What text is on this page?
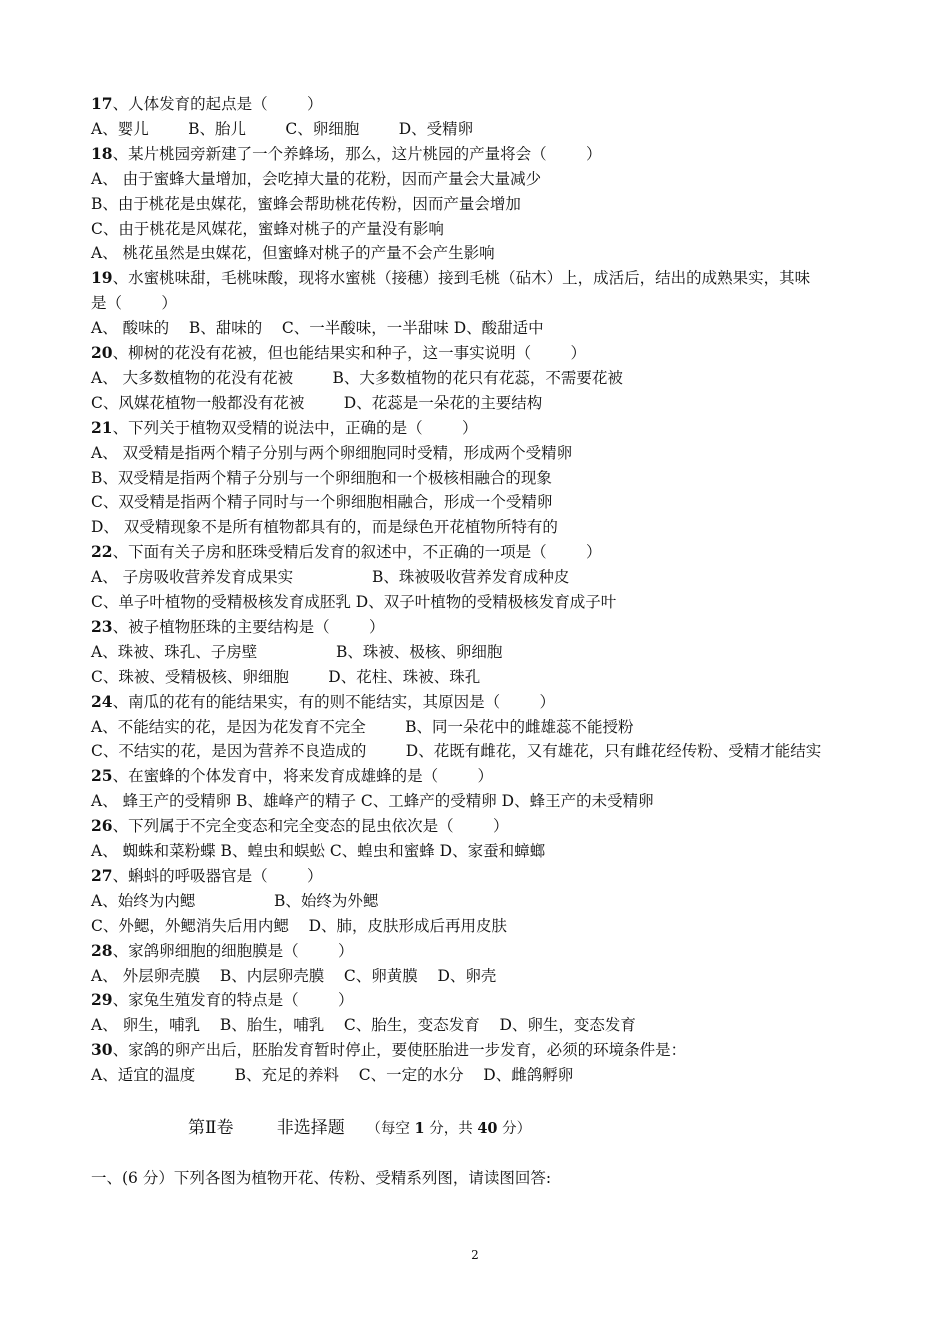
17、人体发育的起点是（        ）
A、婴儿        B、胎儿        C、卵细胞        D、受精卵
18、某片桃园旁新建了一个养蜂场，那么，这片桃园的产量将会（        ）
A、 由于蜜蜂大量增加，会吃掉大量的花粉，因而产量会大量减少
B、由于桃花是虫媒花，蜜蜂会帮助桃花传粉，因而产量会增加
C、由于桃花是风媒花，蜜蜂对桃子的产量没有影响
A、 桃花虽然是虫媒花，但蜜蜂对桃子的产量不会产生影响
19、水蜜桃味甜，毛桃味酸，现将水蜜桃（接穗）接到毛桃（砧木）上，成活后，结出的成熟果实，其味
是（        ）
A、 酸味的    B、甜味的    C、一半酸味，一半甜味 D、酸甜适中
20、柳树的花没有花被，但也能结果实和种子，这一事实说明（        ）
A、 大多数植物的花没有花被        B、大多数植物的花只有花蕊，不需要花被
C、风媒花植物一般都没有花被        D、花蕊是一朵花的主要结构
21、下列关于植物双受精的说法中，正确的是（        ）
A、 双受精是指两个精子分别与两个卵细胞同时受精，形成两个受精卵
B、双受精是指两个精子分别与一个卵细胞和一个极核相融合的现象
C、双受精是指两个精子同时与一个卵细胞相融合，形成一个受精卵
D、 双受精现象不是所有植物都具有的，而是绿色开花植物所特有的
22、下面有关子房和胚珠受精后发育的叙述中，不正确的一项是（        ）
A、 子房吸收营养发育成果实                B、珠被吸收营养发育成种皮
C、单子叶植物的受精极核发育成胚乳 D、双子叶植物的受精极核发育成子叶
23、被子植物胚珠的主要结构是（        ）
A、珠被、珠孔、子房壁                B、珠被、极核、卵细胞
C、珠被、受精极核、卵细胞        D、花柱、珠被、珠孔
24、南瓜的花有的能结果实，有的则不能结实，其原因是（        ）
A、不能结实的花，是因为花发育不完全        B、同一朵花中的雌雄蕊不能授粉
C、不结实的花，是因为营养不良造成的        D、花既有雌花，又有雄花，只有雌花经传粉、受精才能结实
25、在蜜蜂的个体发育中，将来发育成雄蜂的是（        ）
A、 蜂王产的受精卵 B、雄峰产的精子 C、工蜂产的受精卵 D、蜂王产的未受精卵
26、下列属于不完全变态和完全变态的昆虫依次是（        ）
A、 蜘蛛和菜粉蝶 B、蝗虫和蜈蚣 C、蝗虫和蜜蜂 D、家蚕和蟑螂
27、蝌蚪的呼吸器官是（        ）
A、始终为内鳃                B、始终为外鳃
C、外鳃，外鳃消失后用内鳃    D、肺，皮肤形成后再用皮肤
28、家鸽卵细胞的细胞膜是（        ）
A、 外层卵壳膜    B、内层卵壳膜    C、卵黄膜    D、卵壳
29、家兔生殖发育的特点是（        ）
A、 卵生，哺乳    B、胎生，哺乳    C、胎生，变态发育    D、卵生，变态发育
30、家鸽的卵产出后，胚胎发育暂时停止，要使胚胎进一步发育，必须的环境条件是：
A、适宜的温度        B、充足的养料    C、一定的水分    D、雌鸽孵卵
第Ⅱ卷        非选择题    （每空 1 分，共 40 分）
一、(6 分）下列各图为植物开花、传粉、受精系列图，请读图回答:
2
